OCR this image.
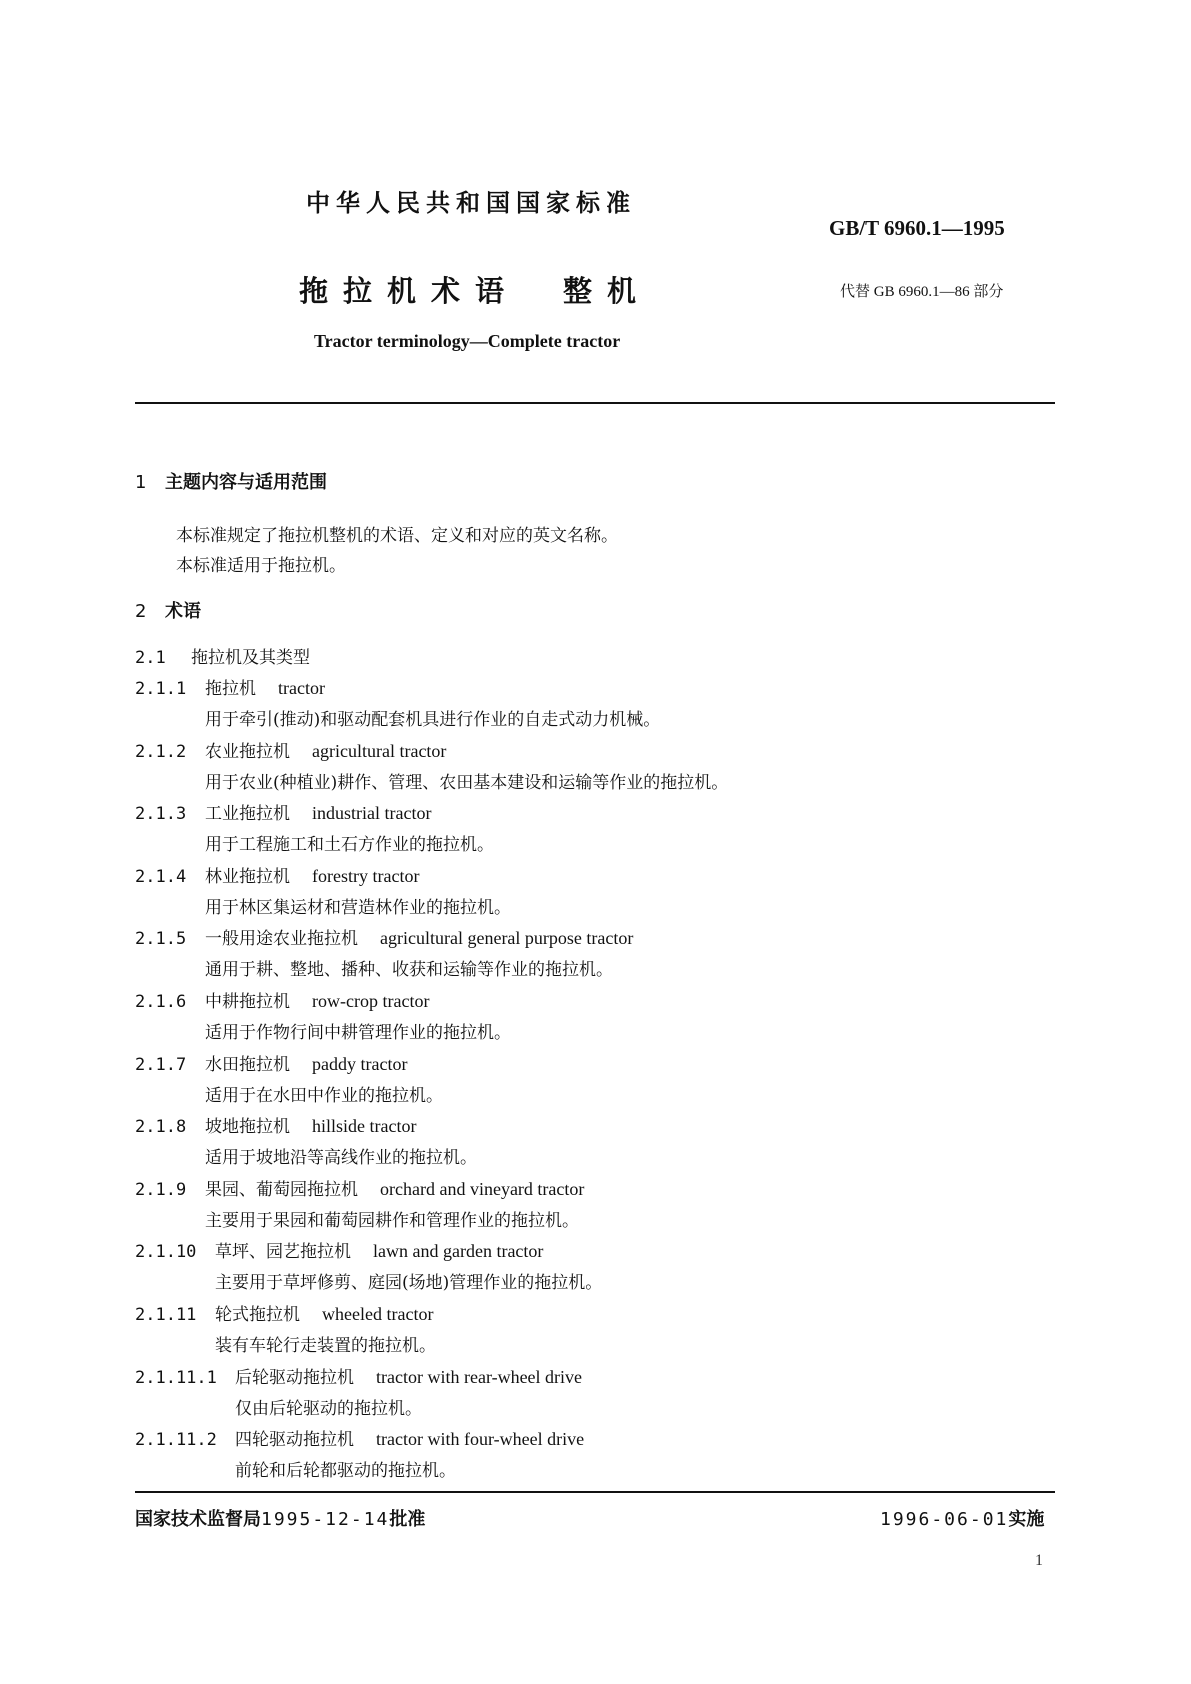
中华人民共和国国家标准
GB/T 6960.1—1995
拖拉机术语　整机	代替 GB 6960.1—86 部分
Tractor terminology—Complete tractor
1 主题内容与适用范围
本标准规定了拖拉机整机的术语、定义和对应的英文名称。
本标准适用于拖拉机。
2 术语
2.1 拖拉机及其类型
2.1.1 拖拉机 tractor
用于牵引(推动)和驱动配套机具进行作业的自走式动力机械。
2.1.2 农业拖拉机 agricultural tractor
用于农业(种植业)耕作、管理、农田基本建设和运输等作业的拖拉机。
2.1.3 工业拖拉机 industrial tractor
用于工程施工和土石方作业的拖拉机。
2.1.4 林业拖拉机 forestry tractor
用于林区集运材和营造林作业的拖拉机。
2.1.5 一般用途农业拖拉机 agricultural general purpose tractor
通用于耕、整地、播种、收获和运输等作业的拖拉机。
2.1.6 中耕拖拉机 row-crop tractor
适用于作物行间中耕管理作业的拖拉机。
2.1.7 水田拖拉机 paddy tractor
适用于在水田中作业的拖拉机。
2.1.8 坡地拖拉机 hillside tractor
适用于坡地沿等高线作业的拖拉机。
2.1.9 果园、葡萄园拖拉机 orchard and vineyard tractor
主要用于果园和葡萄园耕作和管理作业的拖拉机。
2.1.10 草坪、园艺拖拉机 lawn and garden tractor
主要用于草坪修剪、庭园(场地)管理作业的拖拉机。
2.1.11 轮式拖拉机 wheeled tractor
装有车轮行走装置的拖拉机。
2.1.11.1 后轮驱动拖拉机 tractor with rear-wheel drive
仅由后轮驱动的拖拉机。
2.1.11.2 四轮驱动拖拉机 tractor with four-wheel drive
前轮和后轮都驱动的拖拉机。
国家技术监督局1995-12-14批准	1996-06-01实施
1
